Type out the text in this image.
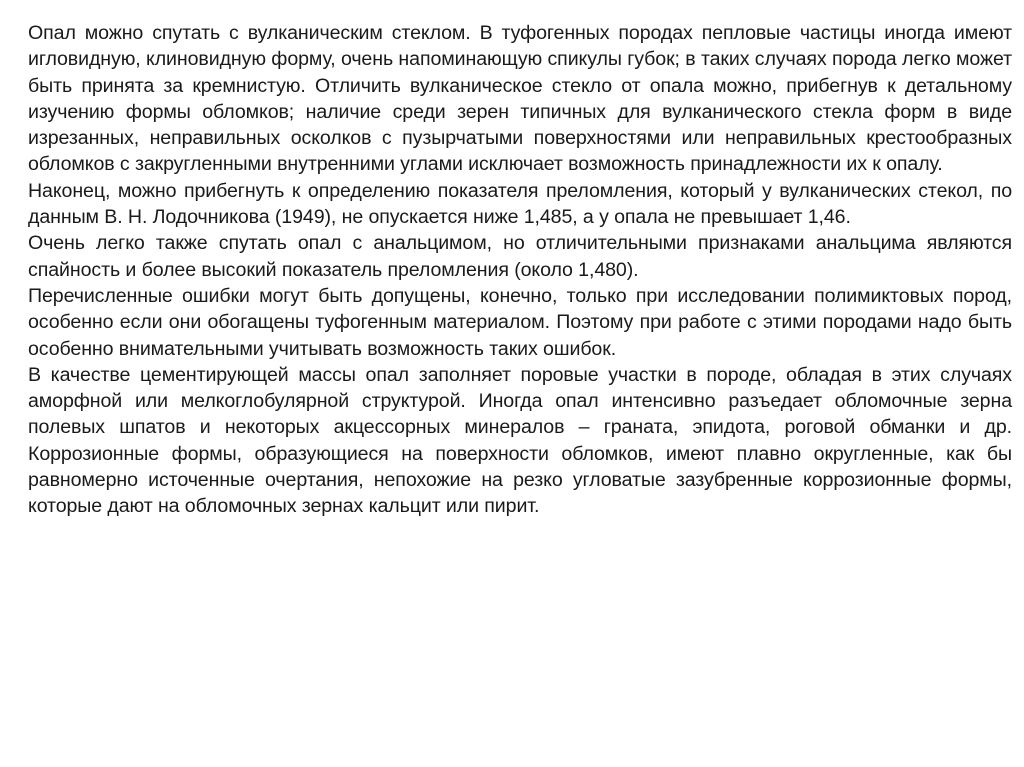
Опал можно спутать с вулканическим стеклом. В туфогенных породах пепловые частицы иногда имеют игловидную, клиновидную форму, очень напоминающую спикулы губок; в таких случаях порода легко может быть принята за кремнистую. Отличить вулканическое стекло от опала можно, прибегнув к детальному изучению формы обломков; наличие среди зерен типичных для вулканического стекла форм в виде изрезанных, неправильных осколков с пузырчатыми поверхностями или неправильных крестообразных обломков с закругленными внутренними углами исключает возможность принадлежности их к опалу.

Наконец, можно прибегнуть к определению показателя преломления, который у вулканических стекол, по данным В. Н. Лодочникова (1949), не опускается ниже 1,485, а у опала не превышает 1,46.

Очень легко также спутать опал с анальцимом, но отличительными признаками анальцима являются спайность и более высокий показатель преломления (около 1,480).

Перечисленные ошибки могут быть допущены, конечно, только при исследовании полимиктовых пород, особенно если они обогащены туфогенным материалом. Поэтому при работе с этими породами надо быть особенно внимательными учитывать возможность таких ошибок.

В качестве цементирующей массы опал заполняет поровые участки в породе, обладая в этих случаях аморфной или мелкоглобулярной структурой. Иногда опал интенсивно разъедает обломочные зерна полевых шпатов и некоторых акцессорных минералов – граната, эпидота, роговой обманки и др. Коррозионные формы, образующиеся на поверхности обломков, имеют плавно округленные, как бы равномерно источенные очертания, непохожие на резко угловатые зазубренные коррозионные формы, которые дают на обломочных зернах кальцит или пирит.
